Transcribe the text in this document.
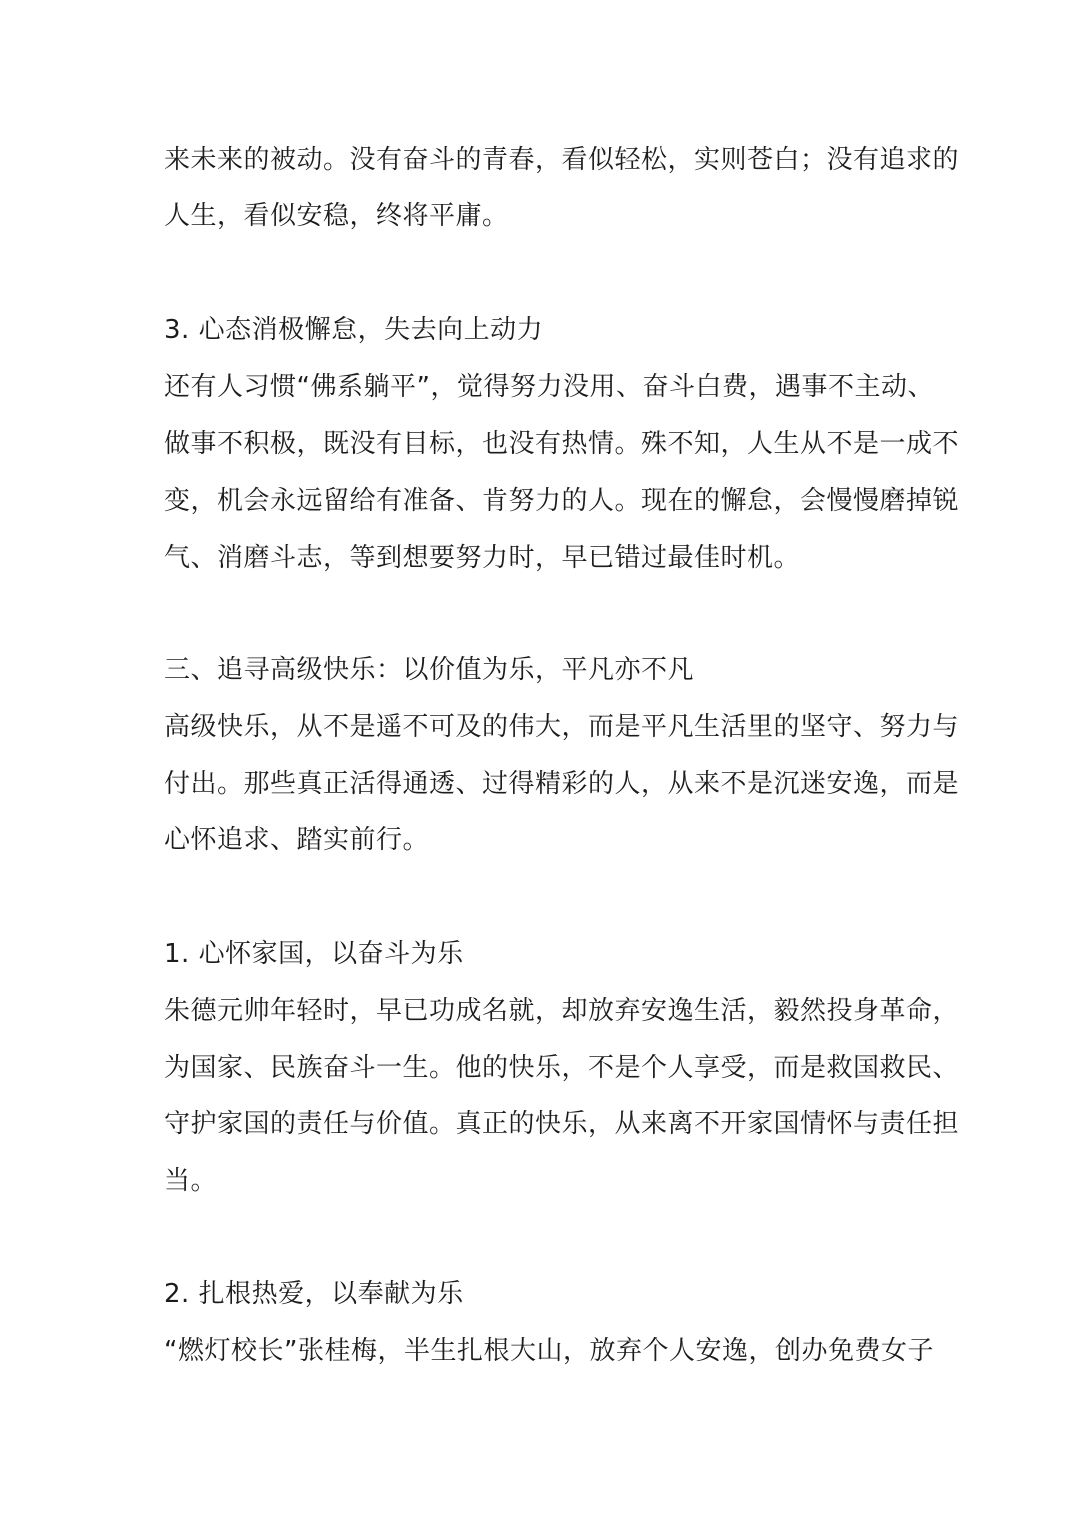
来未来的被动。没有奋斗的青春，看似轻松，实则苍白；没有追求的
人生，看似安稳，终将平庸。
3. 心态消极懈怠，失去向上动力
还有人习惯“佛系躺平”，觉得努力没用、奋斗白费，遇事不主动、
做事不积极，既没有目标，也没有热情。殊不知，人生从不是一成不
变，机会永远留给有准备、肯努力的人。现在的懈怠，会慢慢磨掉锐
气、消磨斗志，等到想要努力时，早已错过最佳时机。
三、追寻高级快乐：以价值为乐，平凡亦不凡
高级快乐，从不是遥不可及的伟大，而是平凡生活里的坚守、努力与
付出。那些真正活得通透、过得精彩的人，从来不是沉迷安逸，而是
心怀追求、踏实前行。
1. 心怀家国，以奋斗为乐
朱德元帅年轻时，早已功成名就，却放弃安逸生活，毅然投身革命，
为国家、民族奋斗一生。他的快乐，不是个人享受，而是救国救民、
守护家国的责任与价值。真正的快乐，从来离不开家国情怀与责任担
当。
2. 扎根热爱，以奉献为乐
“燃灯校长”张桂梅，半生扎根大山，放弃个人安逸，创办免费女子
